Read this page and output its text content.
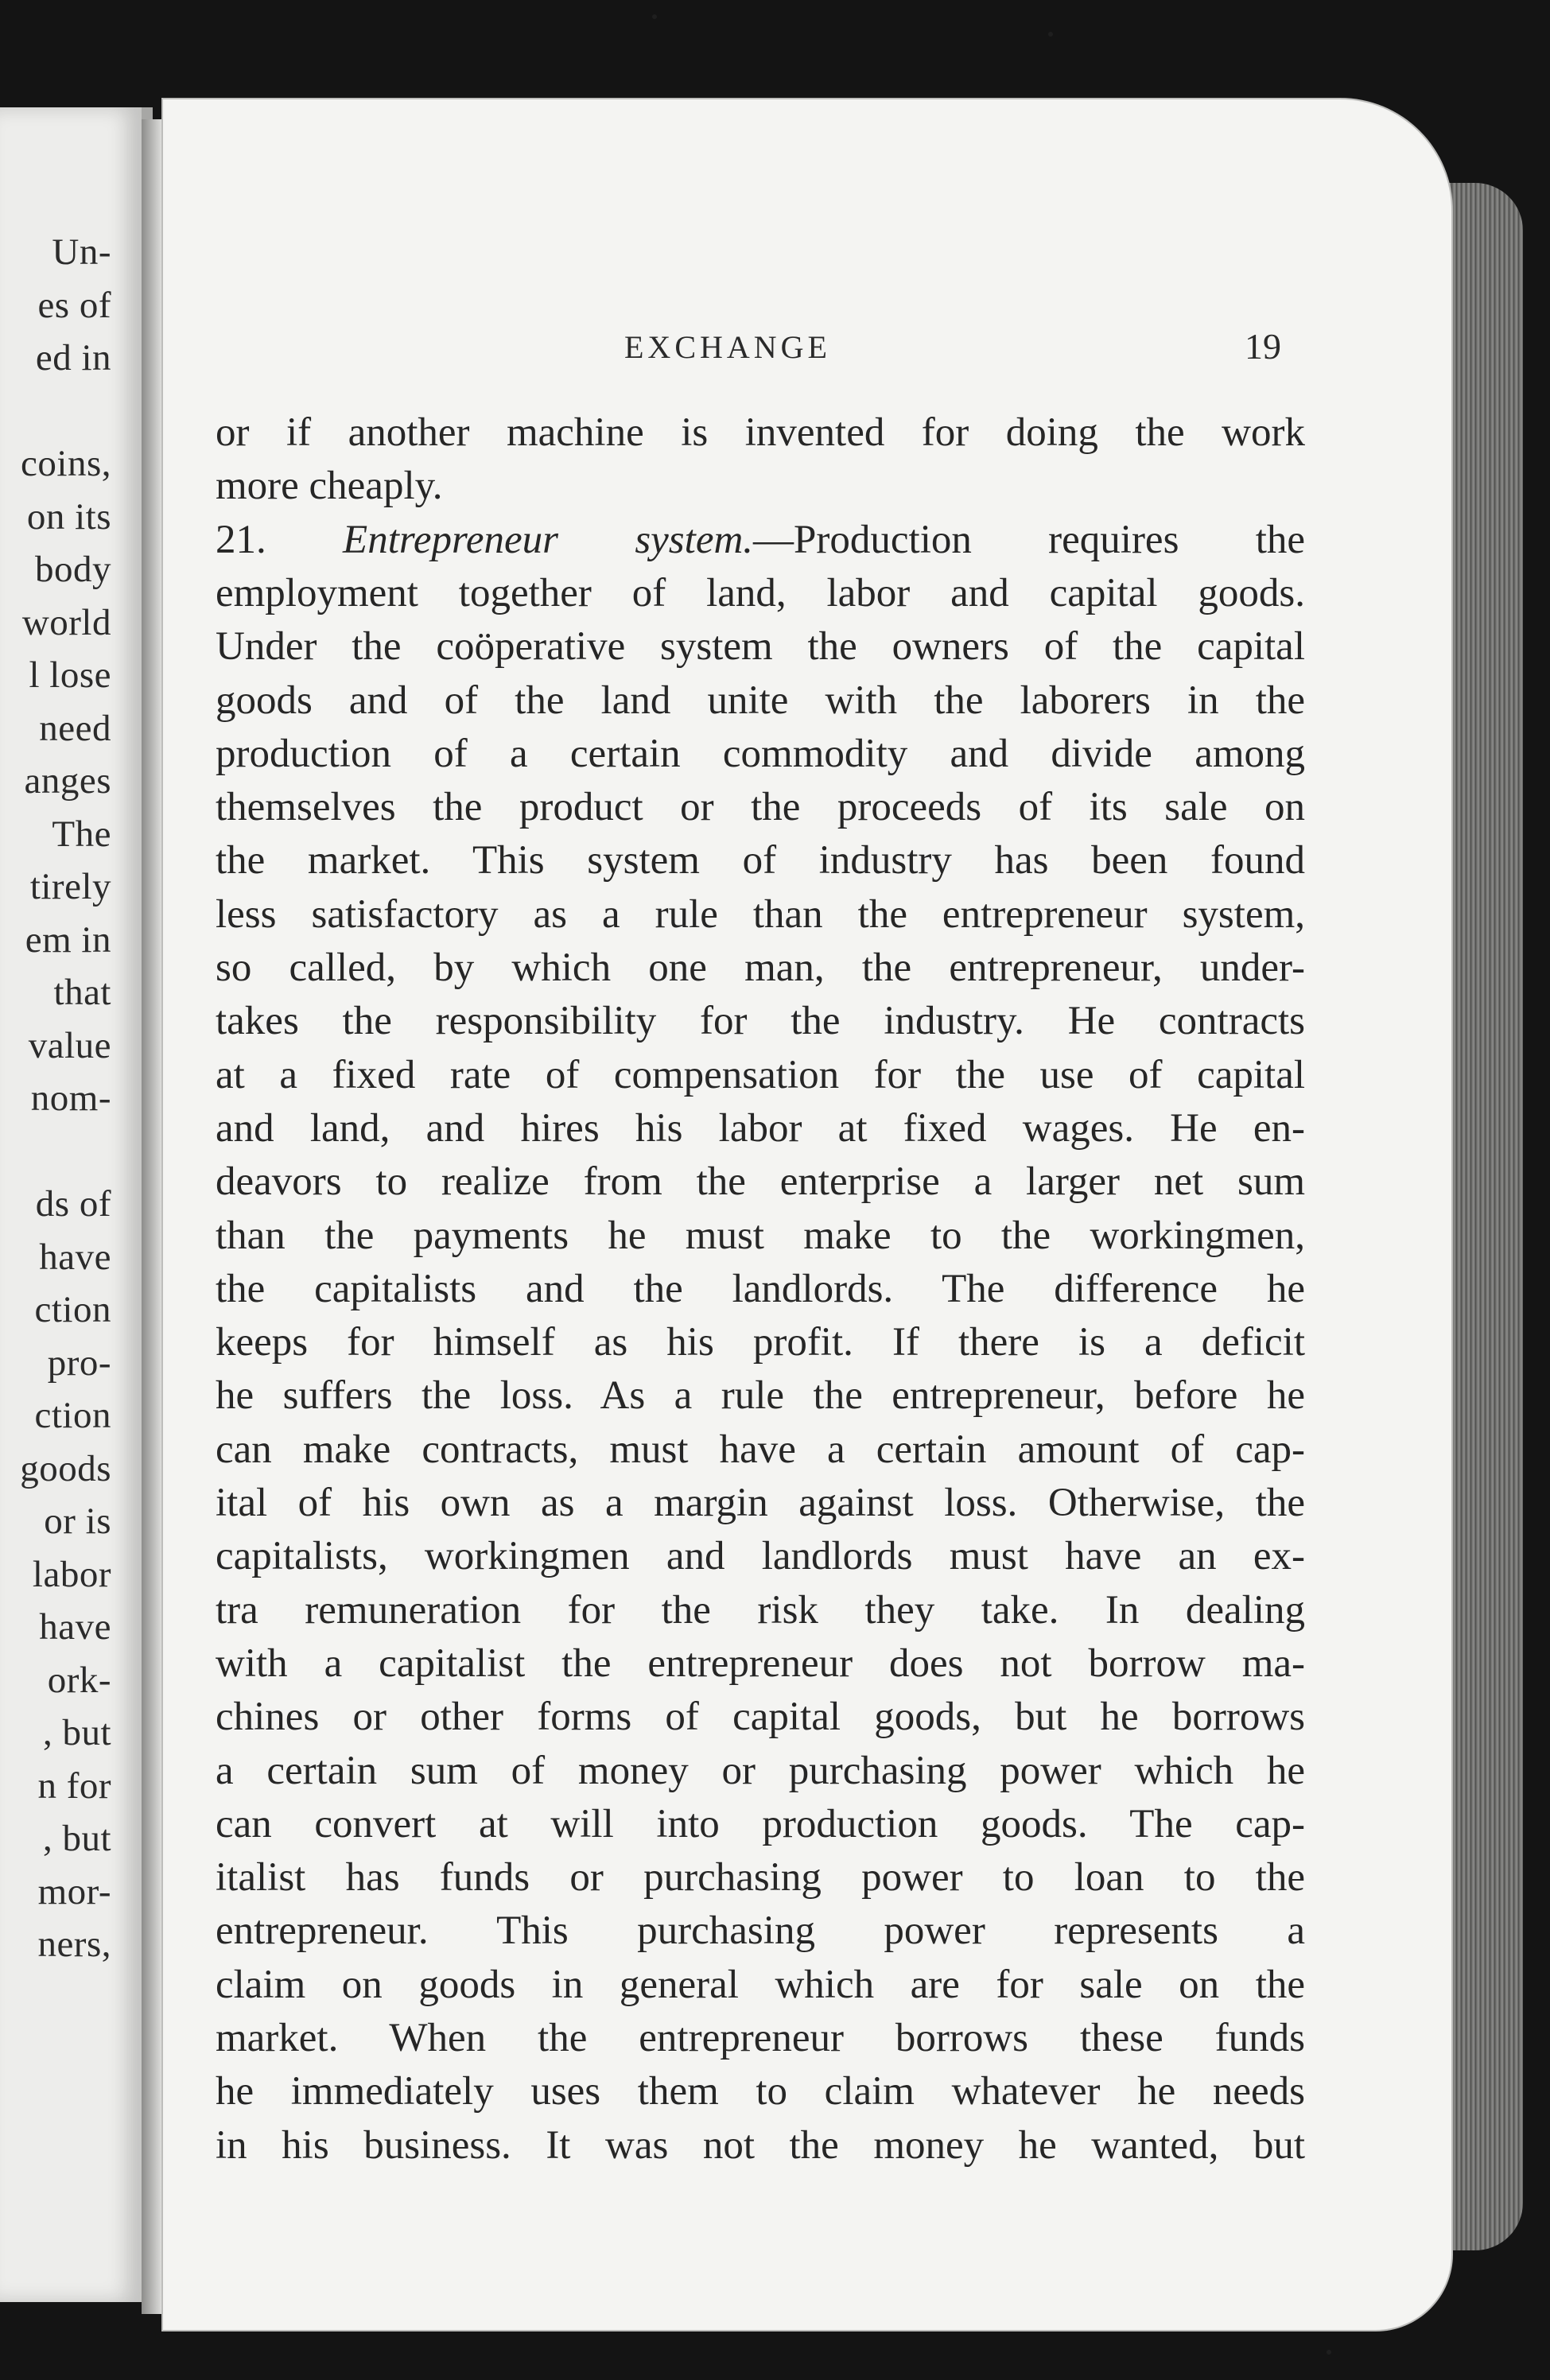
Un-
es of
ed in
coins,
on its
body
world
l lose
need
anges
The
tirely
em in
that
value
nom-
ds of
have
ction
pro-
ction
goods
or is
labor
have
ork-
, but
n for
, but
mor-
ners,
EXCHANGE	19
or if another machine is invented for doing the work
more cheaply.
21. Entrepreneur system.—Production requires the
employment together of land, labor and capital goods.
Under the coöperative system the owners of the capital
goods and of the land unite with the laborers in the
production of a certain commodity and divide among
themselves the product or the proceeds of its sale on
the market. This system of industry has been found
less satisfactory as a rule than the entrepreneur system,
so called, by which one man, the entrepreneur, under-
takes the responsibility for the industry. He contracts
at a fixed rate of compensation for the use of capital
and land, and hires his labor at fixed wages. He en-
deavors to realize from the enterprise a larger net sum
than the payments he must make to the workingmen,
the capitalists and the landlords. The difference he
keeps for himself as his profit. If there is a deficit
he suffers the loss. As a rule the entrepreneur, before he
can make contracts, must have a certain amount of cap-
ital of his own as a margin against loss. Otherwise, the
capitalists, workingmen and landlords must have an ex-
tra remuneration for the risk they take. In dealing
with a capitalist the entrepreneur does not borrow ma-
chines or other forms of capital goods, but he borrows
a certain sum of money or purchasing power which he
can convert at will into production goods. The cap-
italist has funds or purchasing power to loan to the
entrepreneur. This purchasing power represents a
claim on goods in general which are for sale on the
market. When the entrepreneur borrows these funds
he immediately uses them to claim whatever he needs
in his business. It was not the money he wanted, but
